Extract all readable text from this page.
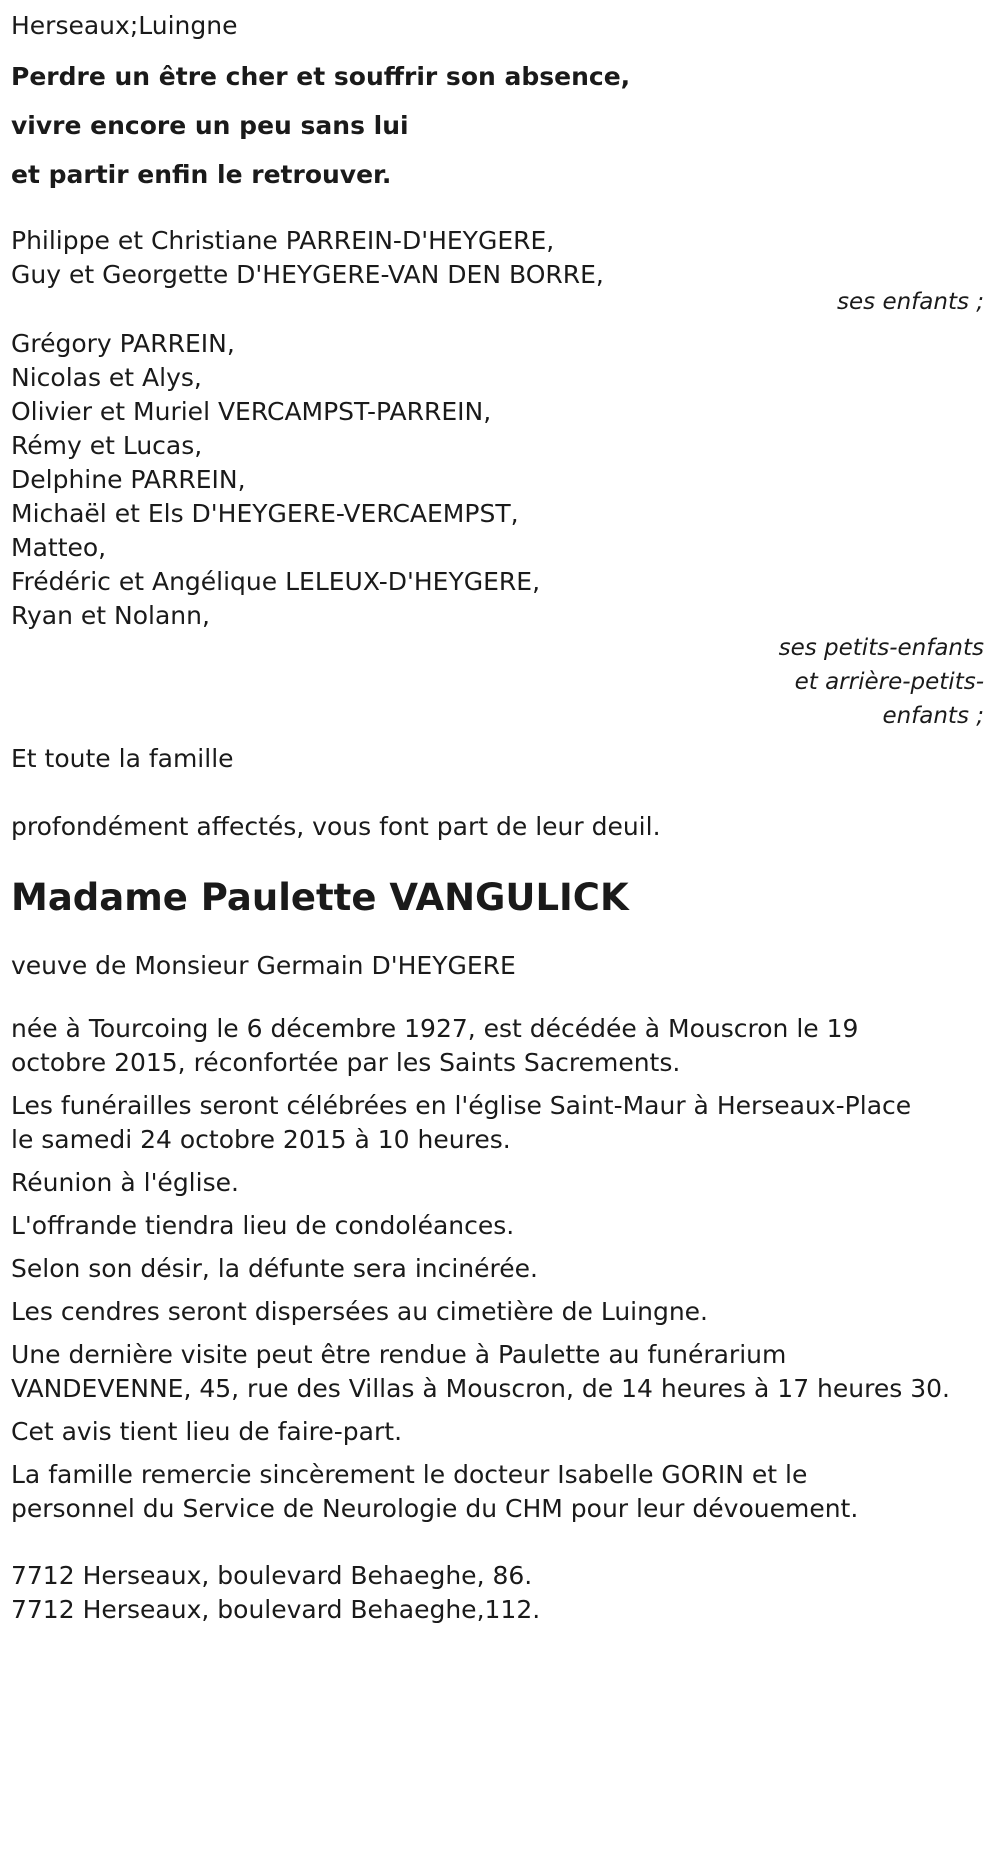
Herseaux;Luingne

Perdre un être cher et souffrir son absence,

vivre encore un peu sans lui

et partir enfin le retrouver.

Philippe et Christiane PARREIN-D'HEYGERE,

Guy et Georgette D'HEYGERE-VAN DEN BORRE,

ses enfants ;

Grégory PARREIN,

Nicolas et Alys,

Olivier et Muriel VERCAMPST-PARREIN,

Rémy et Lucas,

Delphine PARREIN,

Michaël et Els D'HEYGERE-VERCAEMPST,

Matteo,

Frédéric et Angélique LELEUX-D'HEYGERE,

Ryan et Nolann,

ses petits-enfants
et arrière-petits-
enfants ;

Et toute la famille

profondément affectés, vous font part de leur deuil.

Madame Paulette VANGULICK

veuve de Monsieur Germain D'HEYGERE

née à Tourcoing le 6 décembre 1927, est décédée à Mouscron le 19

octobre 2015, réconfortée par les Saints Sacrements.

Les funérailles seront célébrées en l'église Saint-Maur à Herseaux-Place

le samedi 24 octobre 2015 à 10 heures.

Réunion à l'église.

L'offrande tiendra lieu de condoléances.

Selon son désir, la défunte sera incinérée.

Les cendres seront dispersées au cimetière de Luingne.

Une dernière visite peut être rendue à Paulette au funérarium

VANDEVENNE, 45, rue des Villas à Mouscron, de 14 heures à 17 heures 30.

Cet avis tient lieu de faire-part.

La famille remercie sincèrement le docteur Isabelle GORIN et le

personnel du Service de Neurologie du CHM pour leur dévouement.

7712 Herseaux, boulevard Behaeghe, 86.

7712 Herseaux, boulevard Behaeghe,112.
